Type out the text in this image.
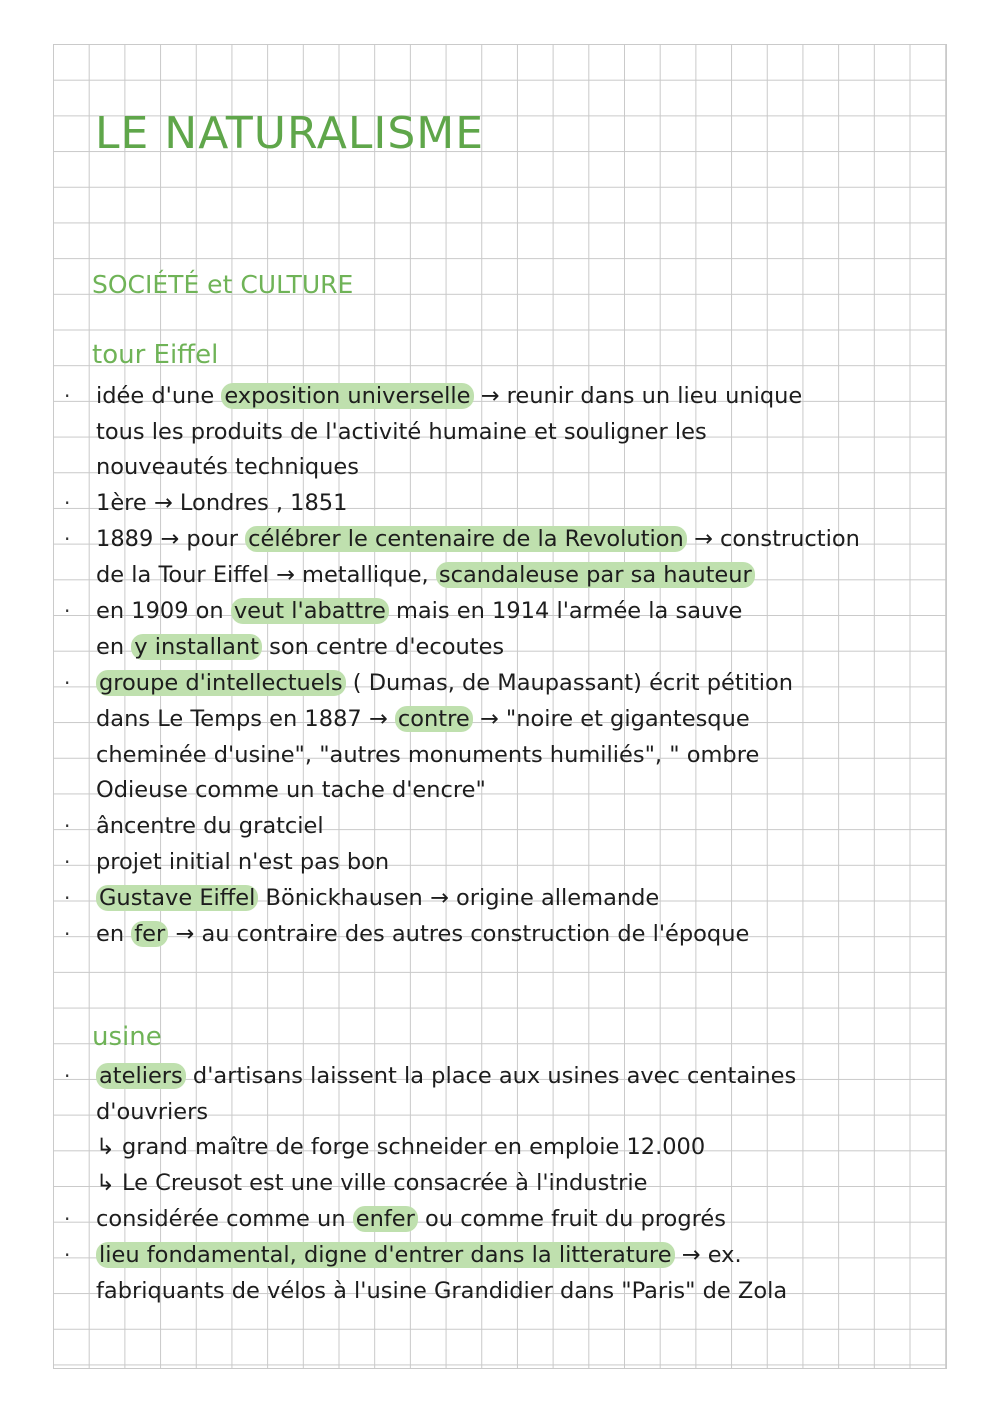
LE NATURALISME
SOCIÉTÉ et CULTURE
tour Eiffel
usine
· idée d'une exposition universelle → reunir dans un lieu unique
tous les produits de l'activité humaine et souligner les
nouveautés techniques
· 1ère → Londres , 1851
· 1889 → pour célébrer le centenaire de la Revolution → construction
de la Tour Eiffel → metallique, scandaleuse par sa hauteur
· en 1909 on veut l'abattre mais en 1914 l'armée la sauve
en y installant son centre d'ecoutes
· groupe d'intellectuels ( Dumas, de Maupassant) écrit pétition
dans Le Temps en 1887 → contre → "noire et gigantesque
cheminée d'usine", "autres monuments humiliés", " ombre
Odieuse comme un tache d'encre"
· âncentre du gratciel
· projet initial n'est pas bon
· Gustave Eiffel Bönickhausen → origine allemande
· en fer → au contraire des autres construction de l'époque
· ateliers d'artisans laissent la place aux usines avec centaines
d'ouvriers
↳ grand maître de forge schneider en emploie 12.000
↳ Le Creusot est une ville consacrée à l'industrie
· considérée comme un enfer ou comme fruit du progrés
· lieu fondamental, digne d'entrer dans la litterature → ex.
fabriquants de vélos à l'usine Grandidier dans "Paris" de Zola
